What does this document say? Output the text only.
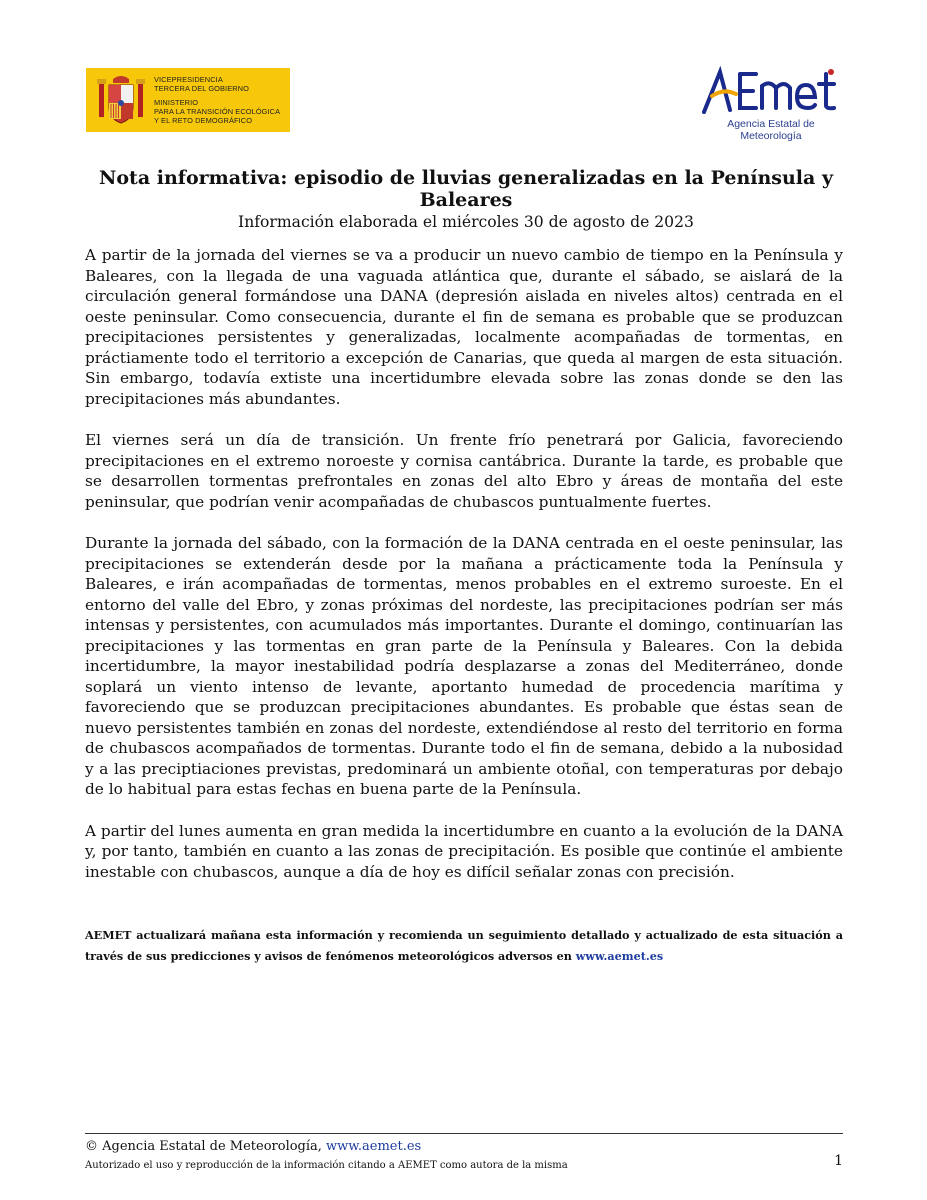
VICEPRESIDENCIA
TERCERA DEL GOBIERNO
MINISTERIO
PARA LA TRANSICIÓN ECOLÓGICA
Y EL RETO DEMOGRÁFICO	Agencia Estatal de Meteorología
Nota informativa: episodio de lluvias generalizadas en la Península y Baleares

Información elaborada el miércoles 30 de agosto de 2023

A partir de la jornada del viernes se va a producir un nuevo cambio de tiempo en la Península y Baleares, con la llegada de una vaguada atlántica que, durante el sábado, se aislará de la circulación general formándose una DANA (depresión aislada en niveles altos) centrada en el oeste peninsular. Como consecuencia, durante el fin de semana es probable que se produzcan precipitaciones persistentes y generalizadas, localmente acompañadas de tormentas, en práctiamente todo el territorio a excepción de Canarias, que queda al margen de esta situación. Sin embargo, todavía extiste una incertidumbre elevada sobre las zonas donde se den las precipitaciones más abundantes.

El viernes será un día de transición. Un frente frío penetrará por Galicia, favoreciendo precipitaciones en el extremo noroeste y cornisa cantábrica. Durante la tarde, es probable que se desarrollen tormentas prefrontales en zonas del alto Ebro y áreas de montaña del este peninsular, que podrían venir acompañadas de chubascos puntualmente fuertes.

Durante la jornada del sábado, con la formación de la DANA centrada en el oeste peninsular, las precipitaciones se extenderán desde por la mañana a prácticamente toda la Península y Baleares, e irán acompañadas de tormentas, menos probables en el extremo suroeste. En el entorno del valle del Ebro, y zonas próximas del nordeste, las precipitaciones podrían ser más intensas y persistentes, con acumulados más importantes. Durante el domingo, continuarían las precipitaciones y las tormentas en gran parte de la Península y Baleares. Con la debida incertidumbre, la mayor inestabilidad podría desplazarse a zonas del Mediterráneo, donde soplará un viento intenso de levante, aportanto humedad de procedencia marítima y favoreciendo que se produzcan precipitaciones abundantes. Es probable que éstas sean de nuevo persistentes también en zonas del nordeste, extendiéndose al resto del territorio en forma de chubascos acompañados de tormentas. Durante todo el fin de semana, debido a la nubosidad y a las preciptiaciones previstas, predominará un ambiente otoñal, con temperaturas por debajo de lo habitual para estas fechas en buena parte de la Península.

A partir del lunes aumenta en gran medida la incertidumbre en cuanto a la evolución de la DANA y, por tanto, también en cuanto a las zonas de precipitación. Es posible que continúe el ambiente inestable con chubascos, aunque a día de hoy es difícil señalar zonas con precisión.

AEMET actualizará mañana esta información y recomienda un seguimiento detallado y actualizado de esta situación a través de sus predicciones y avisos de fenómenos meteorológicos adversos en www.aemet.es

© Agencia Estatal de Meteorología, www.aemet.es
Autorizado el uso y reproducción de la información citando a AEMET como autora de la misma	1
